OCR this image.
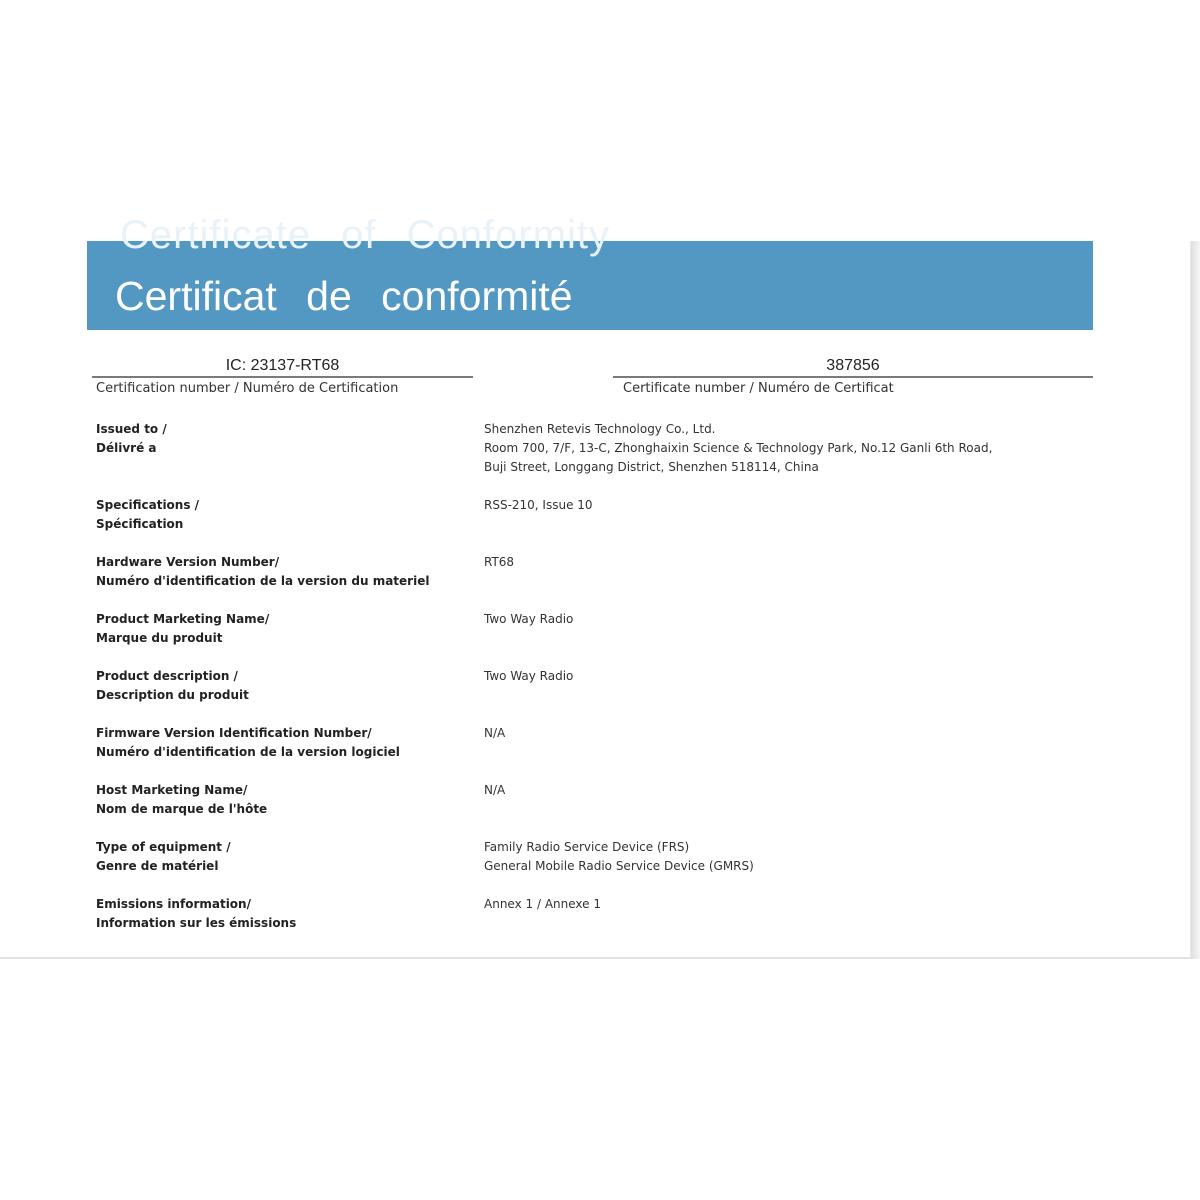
Certificate of Conformity
Certificat de conformité
IC: 23137-RT68
Certification number / Numéro de Certification
387856
Certificate number / Numéro de Certificat
Issued to /
Délivré a
Shenzhen Retevis Technology Co., Ltd.
Room 700, 7/F, 13-C, Zhonghaixin Science & Technology Park, No.12 Ganli 6th Road,
Buji Street, Longgang District, Shenzhen 518114, China
Specifications /
Spécification
RSS-210, Issue 10
Hardware Version Number/
Numéro d'identification de la version du materiel
RT68
Product Marketing Name/
Marque du produit
Two Way Radio
Product description /
Description du produit
Two Way Radio
Firmware Version Identification Number/
Numéro d'identification de la version logiciel
N/A
Host Marketing Name/
Nom de marque de l'hôte
N/A
Type of equipment /
Genre de matériel
Family Radio Service Device (FRS)
General Mobile Radio Service Device (GMRS)
Emissions information/
Information sur les émissions
Annex 1 / Annexe 1
